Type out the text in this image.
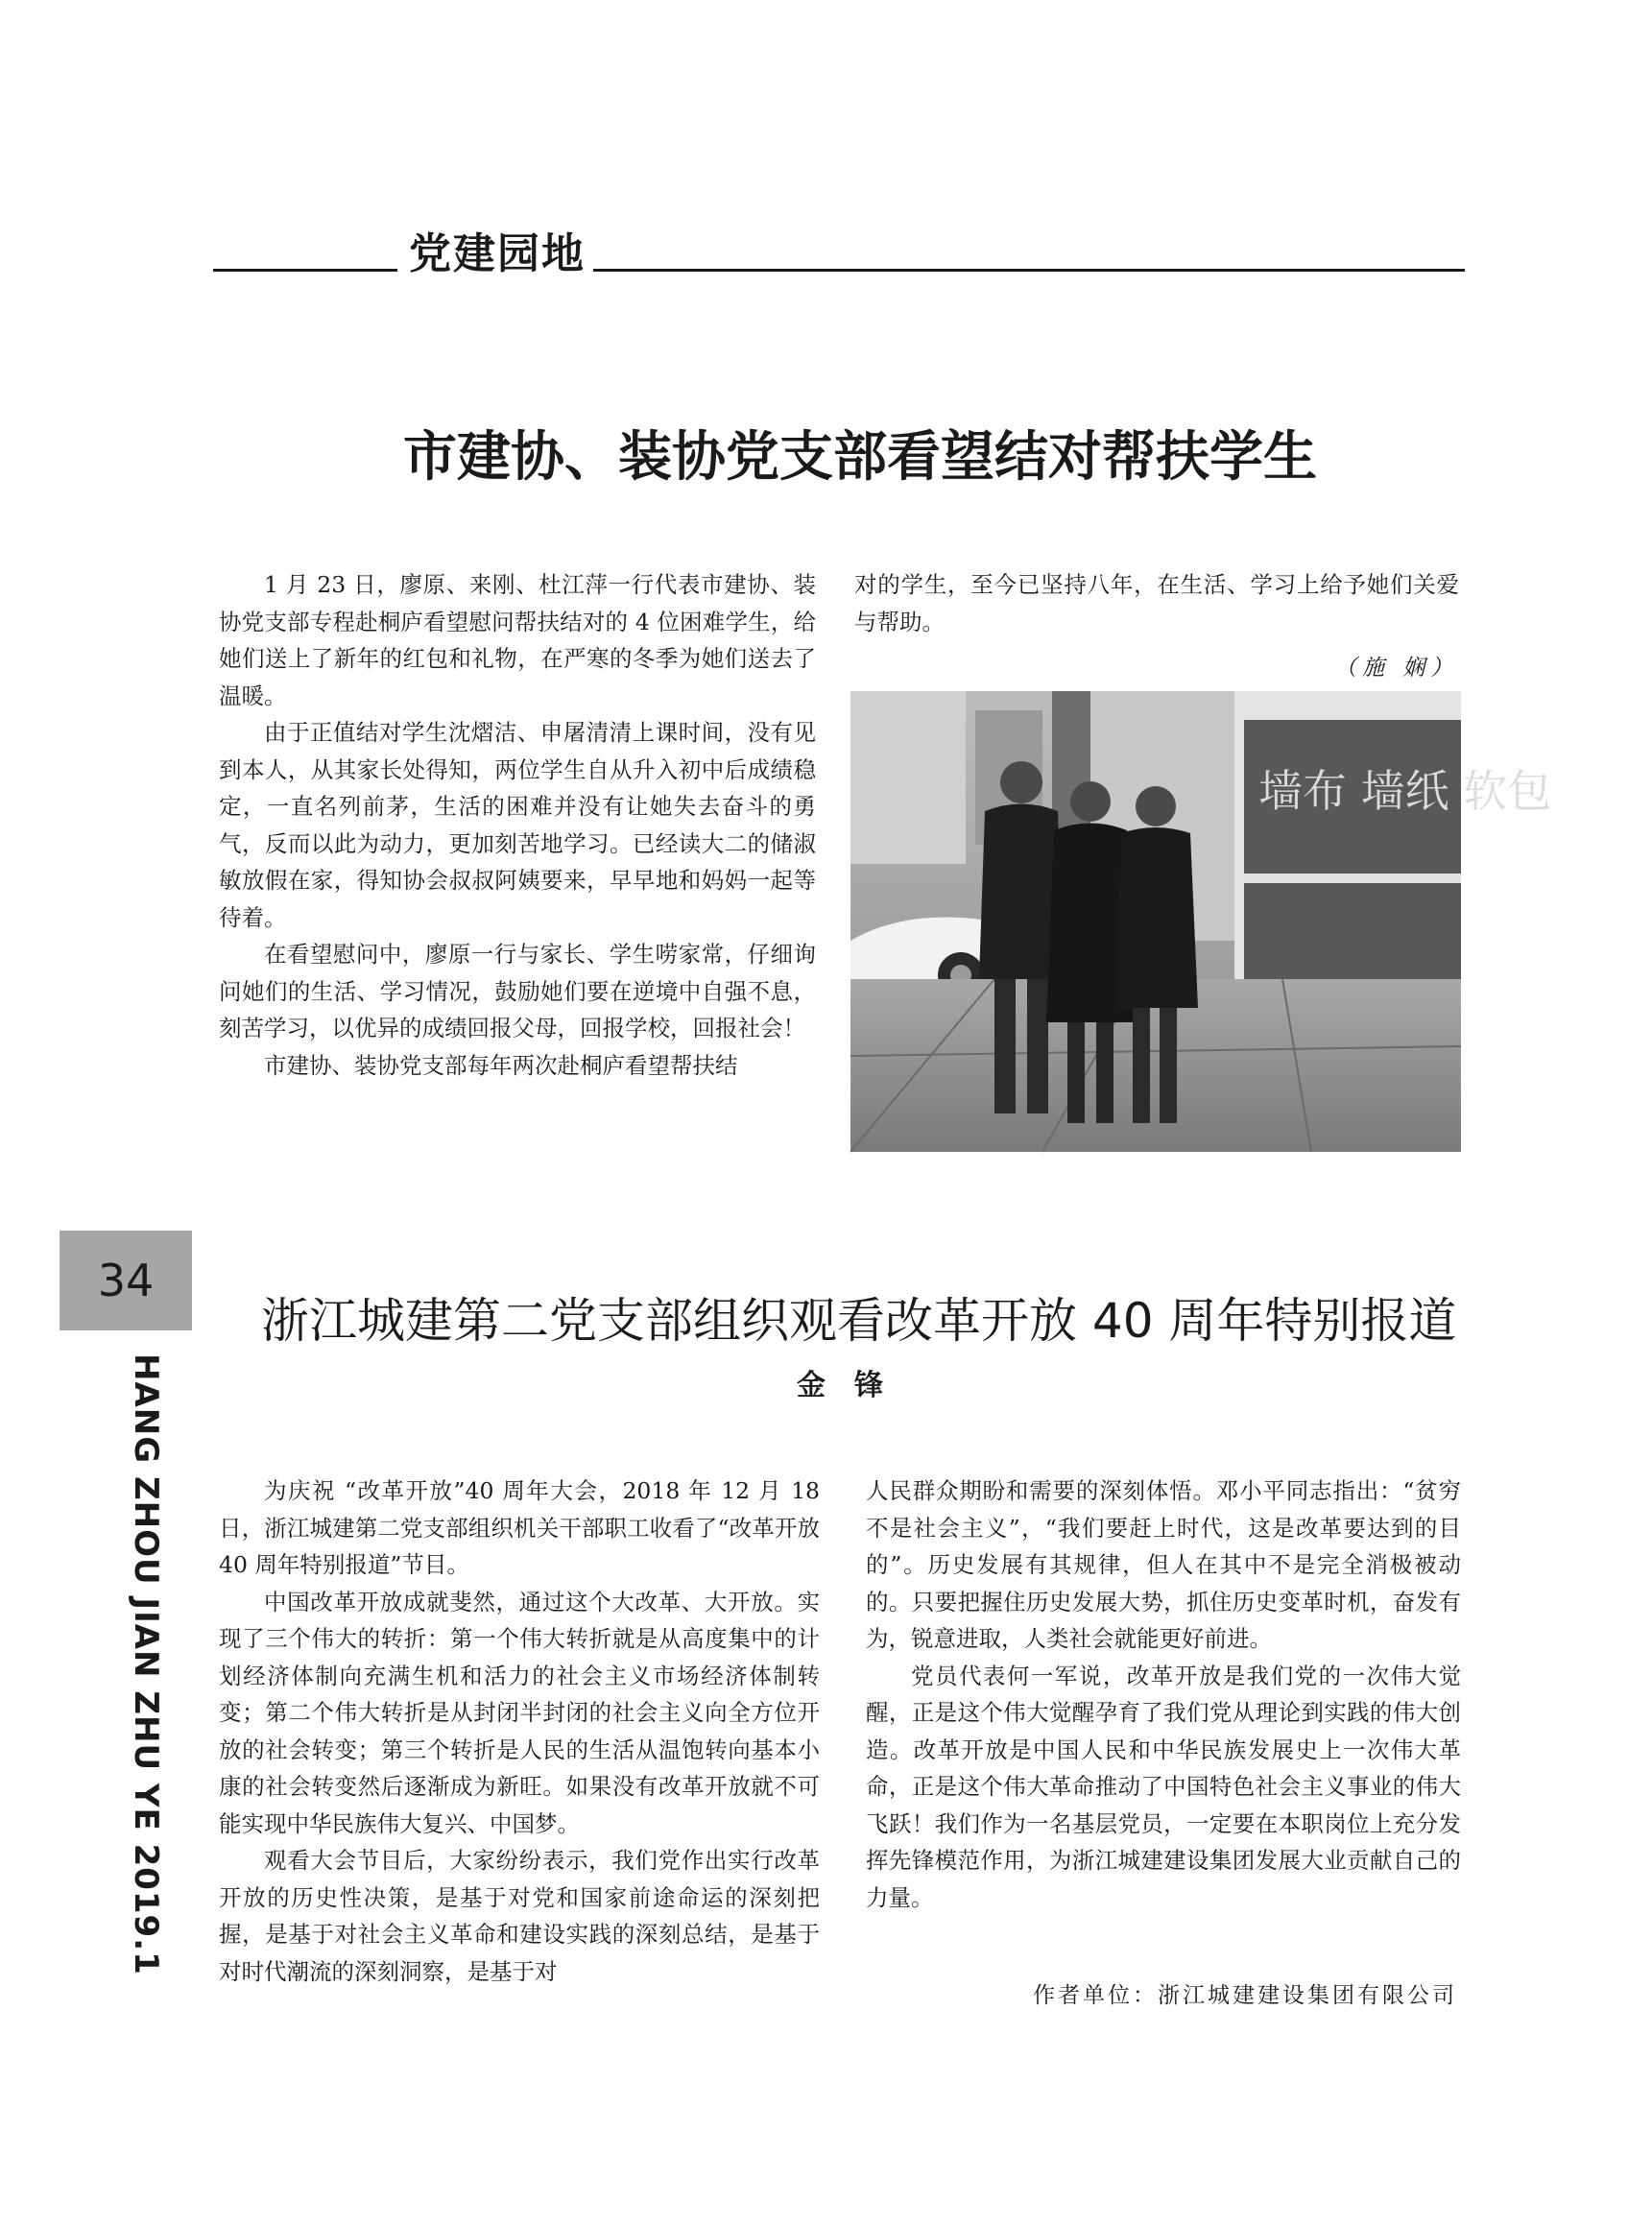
党建园地
市建协、装协党支部看望结对帮扶学生

1 月 23 日，廖原、来刚、杜江萍一行代表市建协、装协党支部专程赴桐庐看望慰问帮扶结对的 4 位困难学生，给她们送上了新年的红包和礼物，在严寒的冬季为她们送去了温暖。

由于正值结对学生沈熠洁、申屠清清上课时间，没有见到本人，从其家长处得知，两位学生自从升入初中后成绩稳定，一直名列前茅，生活的困难并没有让她失去奋斗的勇气，反而以此为动力，更加刻苦地学习。已经读大二的储淑敏放假在家，得知协会叔叔阿姨要来，早早地和妈妈一起等待着。

在看望慰问中，廖原一行与家长、学生唠家常，仔细询问她们的生活、学习情况，鼓励她们要在逆境中自强不息，刻苦学习，以优异的成绩回报父母，回报学校，回报社会！

市建协、装协党支部每年两次赴桐庐看望帮扶结

对的学生，至今已坚持八年，在生活、学习上给予她们关爱与帮助。

（施 娴）
墙布 墙纸 软包
34
HANG ZHOU JIAN ZHU YE 2019.1
浙江城建第二党支部组织观看改革开放 40 周年特别报道
金锋

为庆祝 “改革开放”40 周年大会，2018 年 12 月 18 日，浙江城建第二党支部组织机关干部职工收看了“改革开放 40 周年特别报道”节目。

中国改革开放成就斐然，通过这个大改革、大开放。实现了三个伟大的转折：第一个伟大转折就是从高度集中的计划经济体制向充满生机和活力的社会主义市场经济体制转变；第二个伟大转折是从封闭半封闭的社会主义向全方位开放的社会转变；第三个转折是人民的生活从温饱转向基本小康的社会转变然后逐渐成为新旺。如果没有改革开放就不可能实现中华民族伟大复兴、中国梦。

观看大会节目后，大家纷纷表示，我们党作出实行改革开放的历史性决策，是基于对党和国家前途命运的深刻把握，是基于对社会主义革命和建设实践的深刻总结，是基于对时代潮流的深刻洞察，是基于对

人民群众期盼和需要的深刻体悟。邓小平同志指出：“贫穷不是社会主义”，“我们要赶上时代，这是改革要达到的目的”。历史发展有其规律，但人在其中不是完全消极被动的。只要把握住历史发展大势，抓住历史变革时机，奋发有为，锐意进取，人类社会就能更好前进。

党员代表何一军说，改革开放是我们党的一次伟大觉醒，正是这个伟大觉醒孕育了我们党从理论到实践的伟大创造。改革开放是中国人民和中华民族发展史上一次伟大革命，正是这个伟大革命推动了中国特色社会主义事业的伟大飞跃！我们作为一名基层党员，一定要在本职岗位上充分发挥先锋模范作用，为浙江城建建设集团发展大业贡献自己的力量。

作者单位：浙江城建建设集团有限公司
